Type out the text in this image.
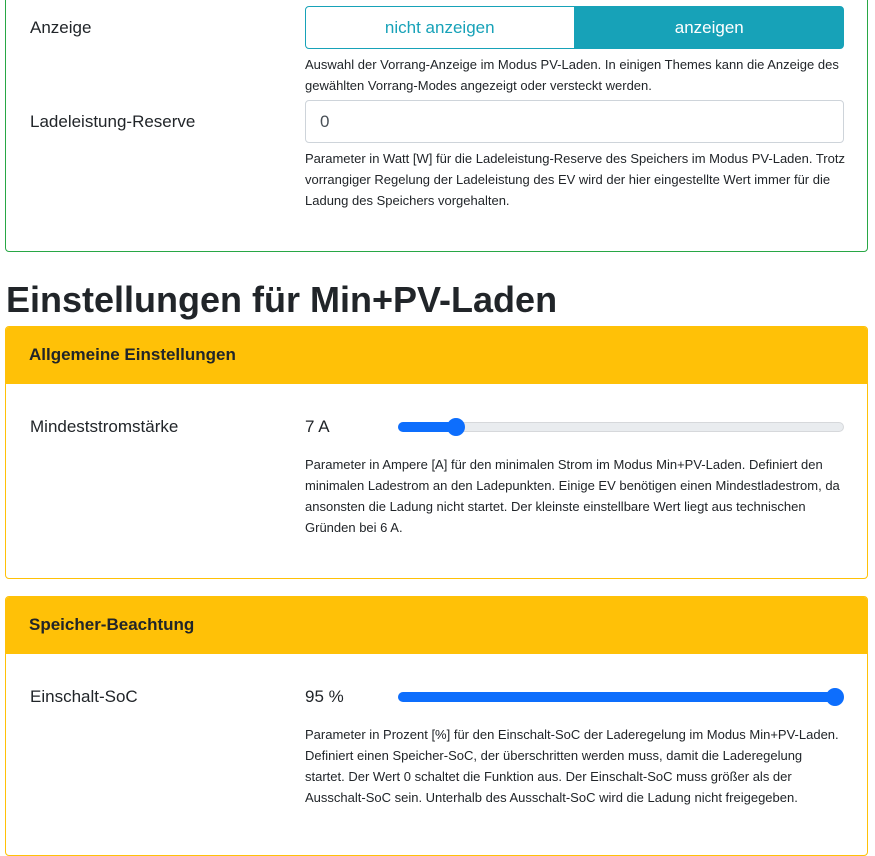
Anzeige	nicht anzeigen	anzeigen
Auswahl der Vorrang-Anzeige im Modus PV-Laden. In einigen Themes kann die Anzeige des gewählten Vorrang-Modes angezeigt oder versteckt werden.
Ladeleistung-Reserve	0
Parameter in Watt [W] für die Ladeleistung-Reserve des Speichers im Modus PV-Laden. Trotz vorrangiger Regelung der Ladeleistung des EV wird der hier eingestellte Wert immer für die Ladung des Speichers vorgehalten.
Einstellungen für Min+PV-Laden
Allgemeine Einstellungen
Mindeststromstärke	7 A
Parameter in Ampere [A] für den minimalen Strom im Modus Min+PV-Laden. Definiert den minimalen Ladestrom an den Ladepunkten. Einige EV benötigen einen Mindestladestrom, da ansonsten die Ladung nicht startet. Der kleinste einstellbare Wert liegt aus technischen Gründen bei 6 A.
Speicher-Beachtung
Einschalt-SoC	95 %
Parameter in Prozent [%] für den Einschalt-SoC der Laderegelung im Modus Min+PV-Laden. Definiert einen Speicher-SoC, der überschritten werden muss, damit die Laderegelung startet. Der Wert 0 schaltet die Funktion aus. Der Einschalt-SoC muss größer als der Ausschalt-SoC sein. Unterhalb des Ausschalt-SoC wird die Ladung nicht freigegeben.
